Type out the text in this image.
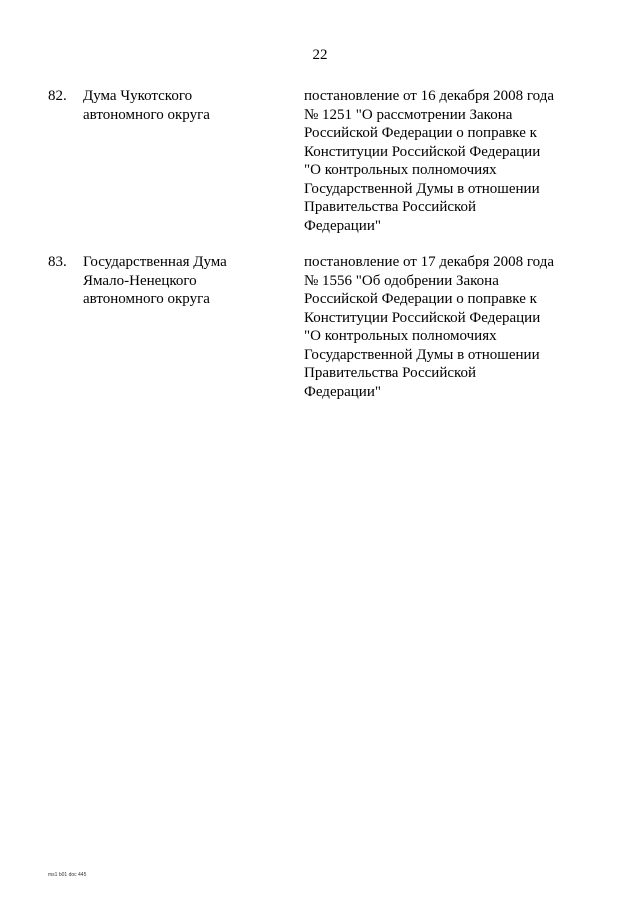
22
82. Дума Чукотского
автономного округа
постановление от 16 декабря 2008 года
№ 1251 "О рассмотрении Закона
Российской Федерации о поправке к
Конституции Российской Федерации
"О контрольных полномочиях
Государственной Думы в отношении
Правительства Российской
Федерации"
83. Государственная Дума
Ямало-Ненецкого
автономного округа
постановление от 17 декабря 2008 года
№ 1556 "Об одобрении Закона
Российской Федерации о поправке к
Конституции Российской Федерации
"О контрольных полномочиях
Государственной Думы в отношении
Правительства Российской
Федерации"
ms1 b01 doc 445
